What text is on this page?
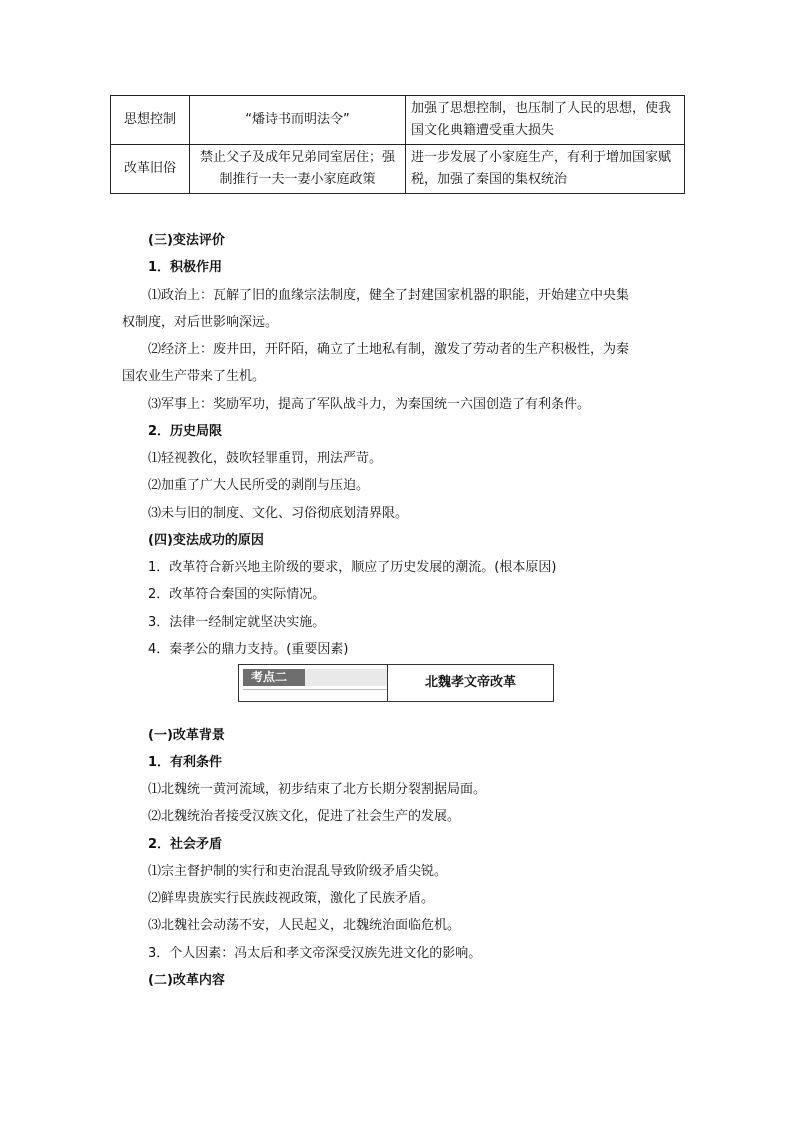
思想控制	“燔诗书而明法令”	加强了思想控制，也压制了人民的思想，使我国文化典籍遭受重大损失
改革旧俗	禁止父子及成年兄弟同室居住；强制推行一夫一妻小家庭政策	进一步发展了小家庭生产，有利于增加国家赋税，加强了秦国的集权统治
(三)变法评价
1．积极作用
⑴政治上：瓦解了旧的血缘宗法制度，健全了封建国家机器的职能，开始建立中央集
权制度，对后世影响深远。
⑵经济上：废井田，开阡陌，确立了土地私有制，激发了劳动者的生产积极性，为秦
国农业生产带来了生机。
⑶军事上：奖励军功，提高了军队战斗力，为秦国统一六国创造了有利条件。
2．历史局限
⑴轻视教化，鼓吹轻罪重罚，刑法严苛。
⑵加重了广大人民所受的剥削与压迫。
⑶未与旧的制度、文化、习俗彻底划清界限。
(四)变法成功的原因
1．改革符合新兴地主阶级的要求，顺应了历史发展的潮流。(根本原因)
2．改革符合秦国的实际情况。
3．法律一经制定就坚决实施。
4．秦孝公的鼎力支持。(重要因素)
考点二	北魏孝文帝改革
(一)改革背景
1．有利条件
⑴北魏统一黄河流域，初步结束了北方长期分裂割据局面。
⑵北魏统治者接受汉族文化，促进了社会生产的发展。
2．社会矛盾
⑴宗主督护制的实行和吏治混乱导致阶级矛盾尖锐。
⑵鲜卑贵族实行民族歧视政策，激化了民族矛盾。
⑶北魏社会动荡不安，人民起义，北魏统治面临危机。
3．个人因素：冯太后和孝文帝深受汉族先进文化的影响。
(二)改革内容
